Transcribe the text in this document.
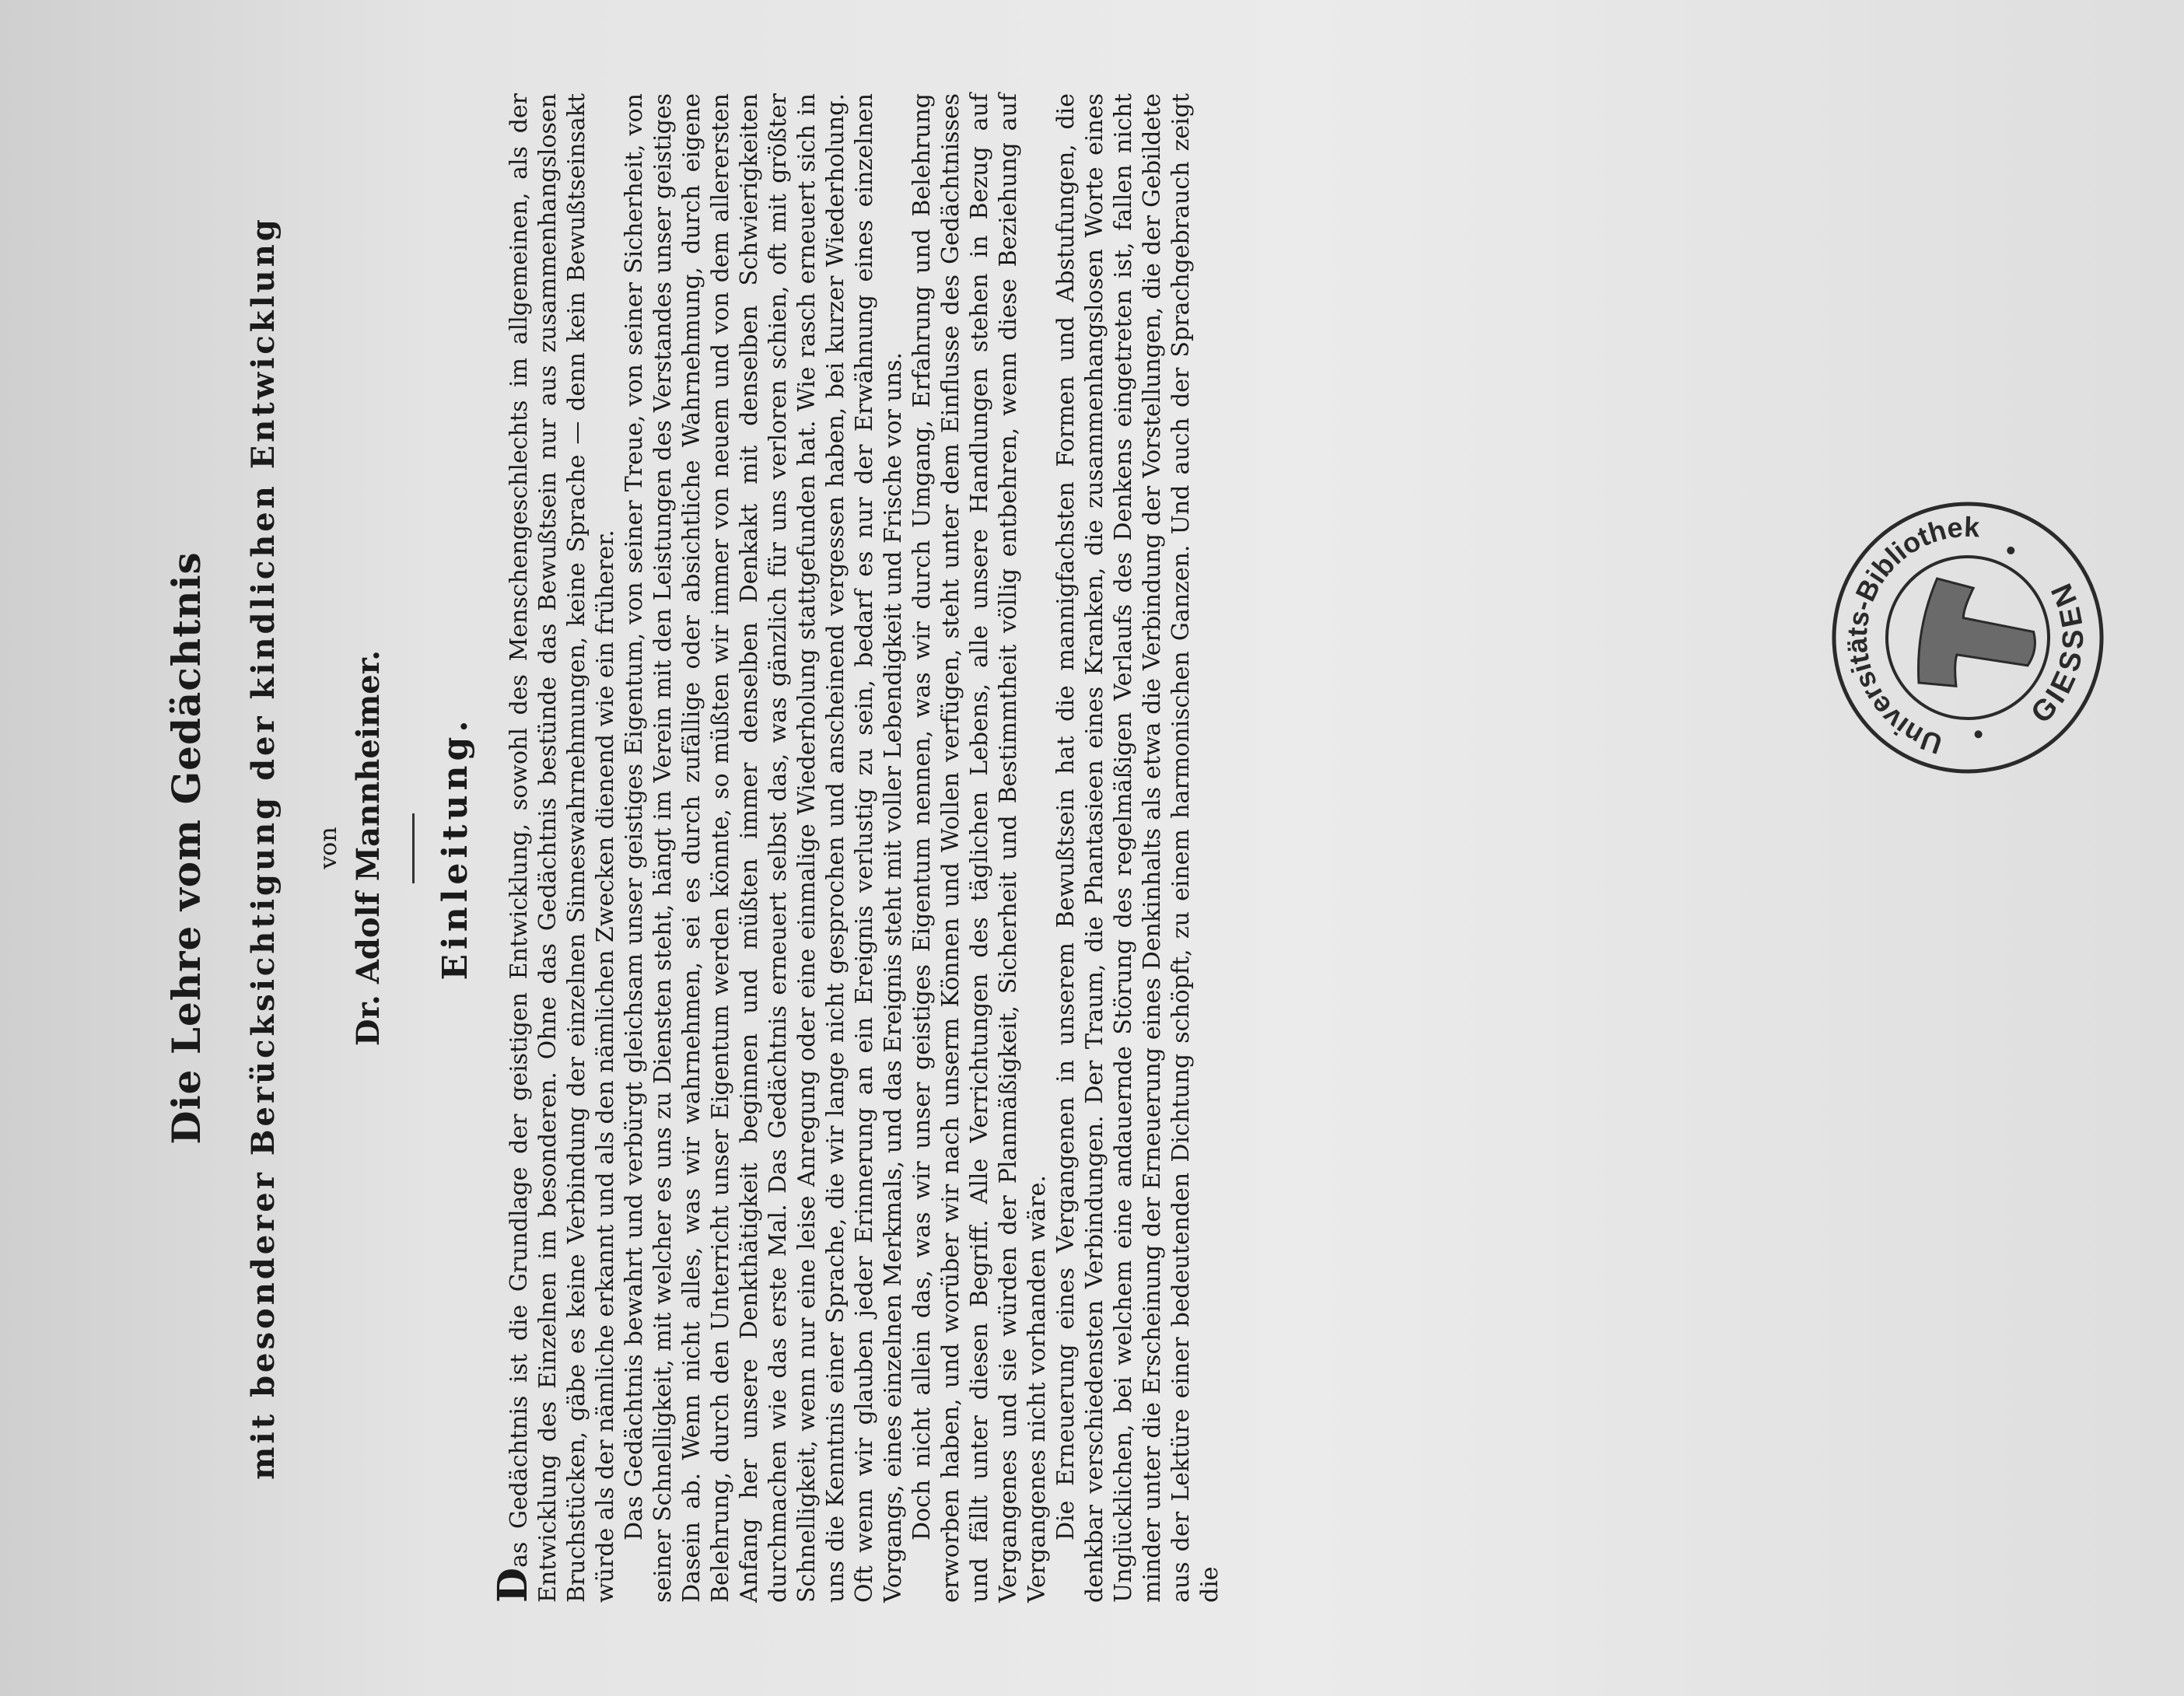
Die Lehre vom Gedächtnis mit besonderer Berücksichtigung der kindlichen Entwicklung von Dr. Adolf Mannheimer. Einleitung.

Das Gedächtnis ist die Grundlage der geistigen Entwicklung, sowohl des Menschengeschlechts im allgemeinen, als der Entwicklung des Einzelnen im besonderen. Ohne das Gedächtnis bestünde das Bewußtsein nur aus zusammenhangslosen Bruchstücken, gäbe es keine Verbindung der einzelnen Sinneswahrnehmungen, keine Sprache — denn kein Bewußtseinsakt würde als der nämliche erkannt und als den nämlichen Zwecken dienend wie ein früherer. Das Gedächtnis bewahrt und verbürgt gleichsam unser geistiges Eigentum, von seiner Treue, von seiner Sicherheit, von seiner Schnelligkeit, mit welcher es uns zu Diensten steht, hängt im Verein mit den Leistungen des Verstandes unser geistiges Dasein ab. Wenn nicht alles, was wir wahrnehmen, sei es durch zufällige oder absichtliche Wahrnehmung, durch eigene Belehrung, durch den Unterricht unser Eigentum werden könnte, so müßten wir immer von neuem und von dem allerersten Anfang her unsere Denkthätigkeit beginnen und müßten immer denselben Denkakt mit denselben Schwierigkeiten durchmachen wie das erste Mal. Das Gedächtnis erneuert selbst das, was gänzlich für uns verloren schien, oft mit größter Schnelligkeit, wenn nur eine leise Anregung oder eine einmalige Wiederholung stattgefunden hat. Wie rasch erneuert sich in uns die Kenntnis einer Sprache, die wir lange nicht gesprochen und anscheinend vergessen haben, bei kurzer Wiederholung. Oft wenn wir glauben jeder Erinnerung an ein Ereignis verlustig zu sein, bedarf es nur der Erwähnung eines einzelnen Vorgangs, eines einzelnen Merkmals, und das Ereignis steht mit voller Lebendigkeit und Frische vor uns. Doch nicht allein das, was wir unser geistiges Eigentum nennen, was wir durch Umgang, Erfahrung und Belehrung erworben haben, und worüber wir nach unserm Können und Wollen verfügen, steht unter dem Einflusse des Gedächtnisses und fällt unter diesen Begriff. Alle Verrichtungen des täglichen Lebens, alle unsere Handlungen stehen in Bezug auf Vergangenes und sie würden der Planmäßigkeit, Sicherheit und Bestimmtheit völlig entbehren, wenn diese Beziehung auf Vergangenes nicht vorhanden wäre. Die Erneuerung eines Vergangenen in unserem Bewußtsein hat die mannigfachsten Formen und Abstufungen, die denkbar verschiedensten Verbindungen. Der Traum, die Phantasieen eines Kranken, die zusammenhangslosen Worte eines Unglücklichen, bei welchem eine andauernde Störung des regelmäßigen Verlaufs des Denkens eingetreten ist, fallen nicht minder unter die Erscheinung der Erneuerung eines Denkinhalts als etwa die Verbindung der Vorstellungen, die der Gebildete aus der Lektüre einer bedeutenden Dichtung schöpft, zu einem harmonischen Ganzen. Und auch der Sprachgebrauch zeigt die

Universitäts-Bibliothek
GIESSEN
